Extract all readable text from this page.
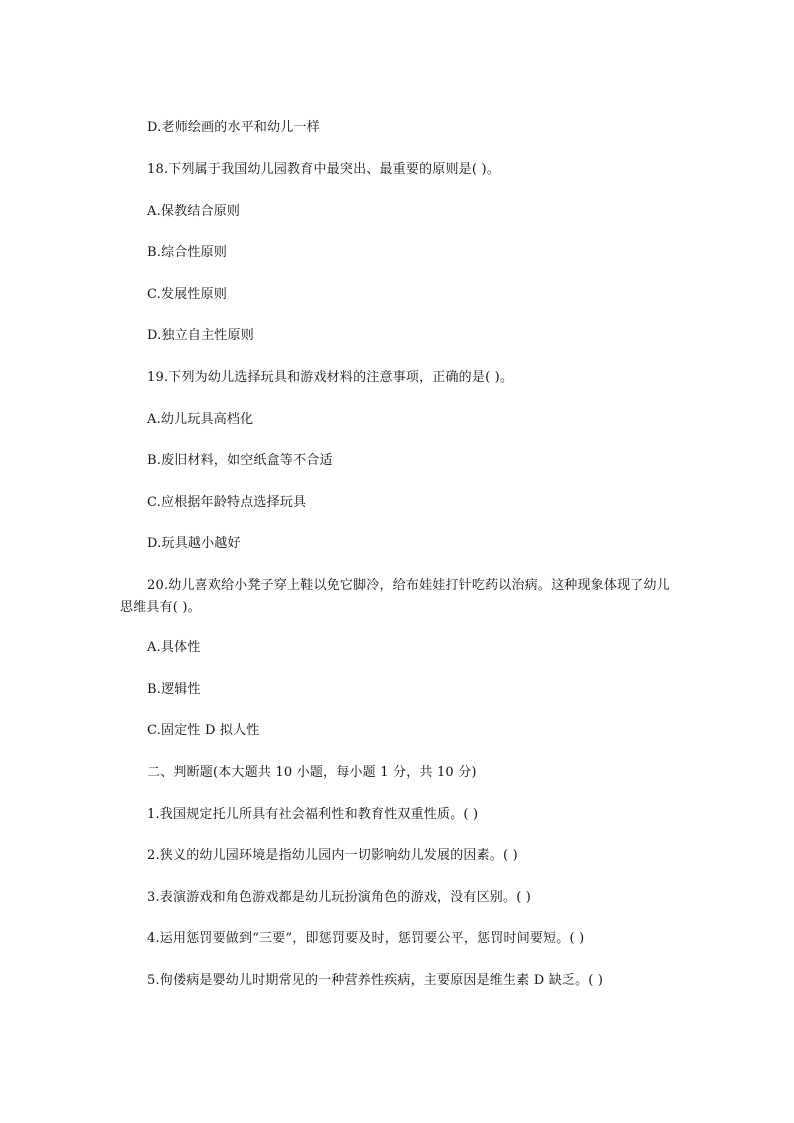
D.老师绘画的水平和幼儿一样
18.下列属于我国幼儿园教育中最突出、最重要的原则是( )。
A.保教结合原则
B.综合性原则
C.发展性原则
D.独立自主性原则
19.下列为幼儿选择玩具和游戏材料的注意事项，正确的是( )。
A.幼儿玩具高档化
B.废旧材料，如空纸盒等不合适
C.应根据年龄特点选择玩具
D.玩具越小越好
20.幼儿喜欢给小凳子穿上鞋以免它脚冷，给布娃娃打针吃药以治病。这种现象体现了幼儿思维具有( )。
A.具体性
B.逻辑性
C.固定性 D 拟人性
二、判断题(本大题共 10 小题，每小题 1 分，共 10 分)
1.我国规定托儿所具有社会福利性和教育性双重性质。( )
2.狭义的幼儿园环境是指幼儿园内一切影响幼儿发展的因素。( )
3.表演游戏和角色游戏都是幼儿玩扮演角色的游戏，没有区别。( )
4.运用惩罚要做到“三要”，即惩罚要及时，惩罚要公平，惩罚时间要短。( )
5.佝偻病是婴幼儿时期常见的一种营养性疾病，主要原因是维生素 D 缺乏。( )
